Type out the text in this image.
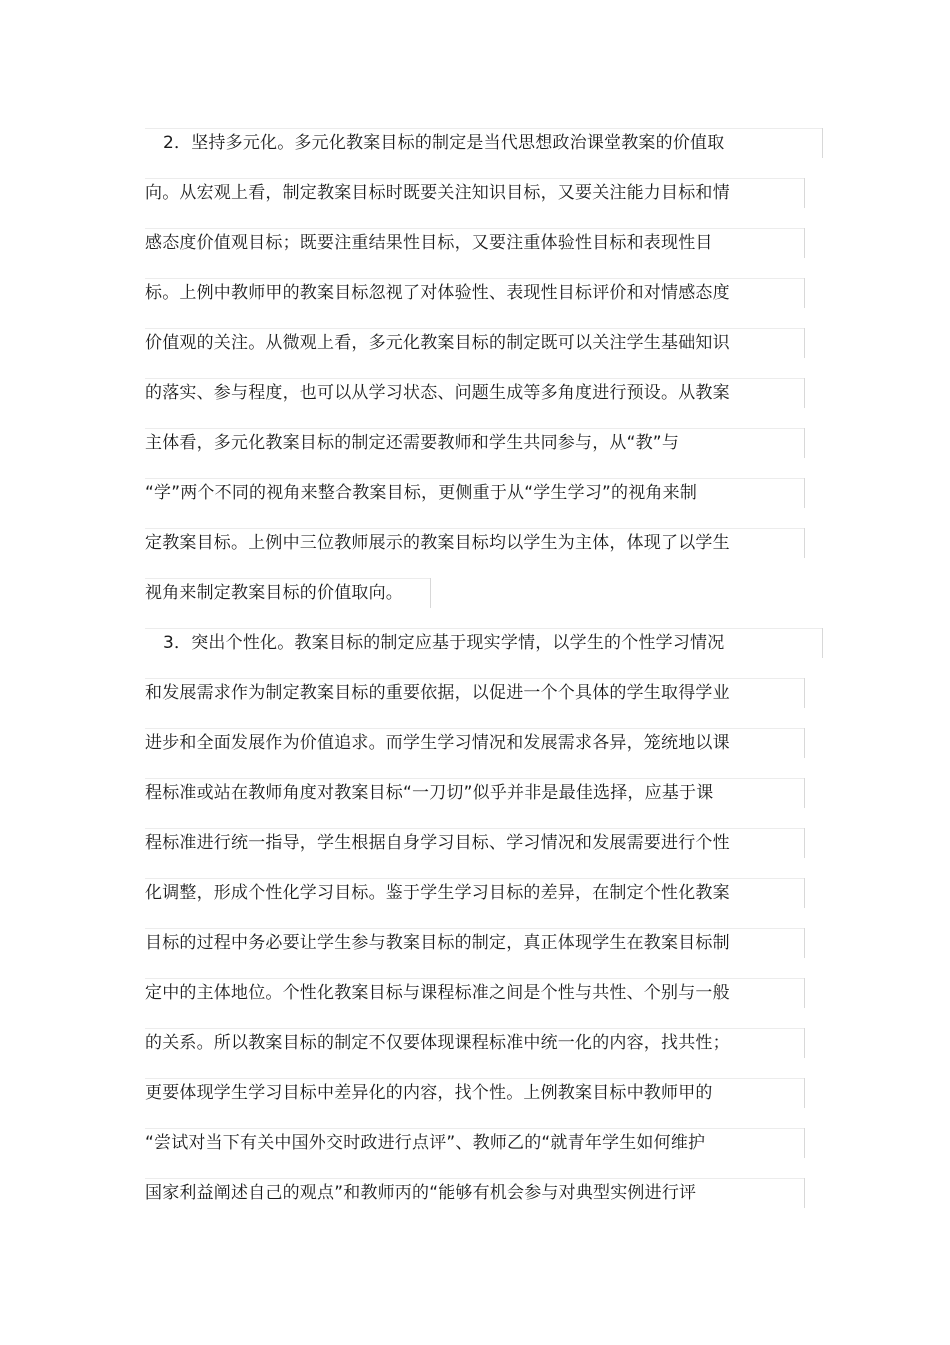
2．坚持多元化。多元化教案目标的制定是当代思想政治课堂教案的价值取
向。从宏观上看，制定教案目标时既要关注知识目标，又要关注能力目标和情
感态度价值观目标；既要注重结果性目标，又要注重体验性目标和表现性目
标。上例中教师甲的教案目标忽视了对体验性、表现性目标评价和对情感态度
价值观的关注。从微观上看，多元化教案目标的制定既可以关注学生基础知识
的落实、参与程度，也可以从学习状态、问题生成等多角度进行预设。从教案
主体看，多元化教案目标的制定还需要教师和学生共同参与，从“教”与
“学”两个不同的视角来整合教案目标，更侧重于从“学生学习”的视角来制
定教案目标。上例中三位教师展示的教案目标均以学生为主体，体现了以学生
视角来制定教案目标的价值取向。
3．突出个性化。教案目标的制定应基于现实学情，以学生的个性学习情况
和发展需求作为制定教案目标的重要依据，以促进一个个具体的学生取得学业
进步和全面发展作为价值追求。而学生学习情况和发展需求各异，笼统地以课
程标准或站在教师角度对教案目标“一刀切”似乎并非是最佳选择，应基于课
程标准进行统一指导，学生根据自身学习目标、学习情况和发展需要进行个性
化调整，形成个性化学习目标。鉴于学生学习目标的差异，在制定个性化教案
目标的过程中务必要让学生参与教案目标的制定，真正体现学生在教案目标制
定中的主体地位。个性化教案目标与课程标准之间是个性与共性、个别与一般
的关系。所以教案目标的制定不仅要体现课程标准中统一化的内容，找共性；
更要体现学生学习目标中差异化的内容，找个性。上例教案目标中教师甲的
“尝试对当下有关中国外交时政进行点评”、教师乙的“就青年学生如何维护
国家利益阐述自己的观点”和教师丙的“能够有机会参与对典型实例进行评
